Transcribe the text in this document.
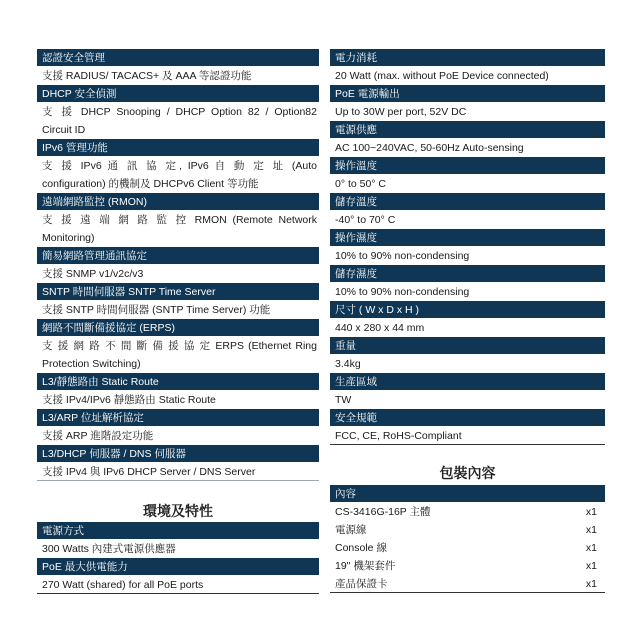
認證安全管理
支援 RADIUS/ TACACS+ 及 AAA 等認證功能
DHCP 安全偵測
支 援 DHCP Snooping / DHCP Option 82 / Option82
Circuit ID
IPv6 管理功能
支 援 IPv6 通 訊 協 定, IPv6 自 動 定 址 (Auto
configuration) 的機制及 DHCPv6 Client 等功能
遠端網路監控 (RMON)
支 援 遠 端 網 路 監 控 RMON (Remote Network
Monitoring)
簡易網路管理通訊協定
支援 SNMP v1/v2c/v3
SNTP 時間伺服器 SNTP Time Server
支援 SNTP 時間伺服器 (SNTP Time Server) 功能
網路不間斷備援協定 (ERPS)
支 援 網 路 不 間 斷 備 援 協 定 ERPS (Ethernet Ring
Protection Switching)
L3/靜態路由 Static Route
支援 IPv4/IPv6 靜態路由 Static Route
L3/ARP 位址解析協定
支援 ARP 進階設定功能
L3/DHCP 伺服器 / DNS 伺服器
支援 IPv4 與 IPv6 DHCP Server / DNS Server
環境及特性
電源方式
300 Watts 內建式電源供應器
PoE 最大供電能力
270 Watt (shared) for all PoE ports
電力消耗
20 Watt (max. without PoE Device connected)
PoE 電源輸出
Up to 30W per port, 52V DC
電源供應
AC 100~240VAC, 50-60Hz Auto-sensing
操作溫度
0° to 50° C
儲存溫度
-40° to 70° C
操作濕度
10% to 90% non-condensing
儲存濕度
10% to 90% non-condensing
尺寸 ( W x D x H )
440 x 280 x 44 mm
重量
3.4kg
生產區域
TW
安全規範
FCC, CE, RoHS-Compliant
包裝內容
內容
CS-3416G-16P 主體	x1
電源線	x1
Console 線	x1
19" 機架套件	x1
產品保證卡	x1
